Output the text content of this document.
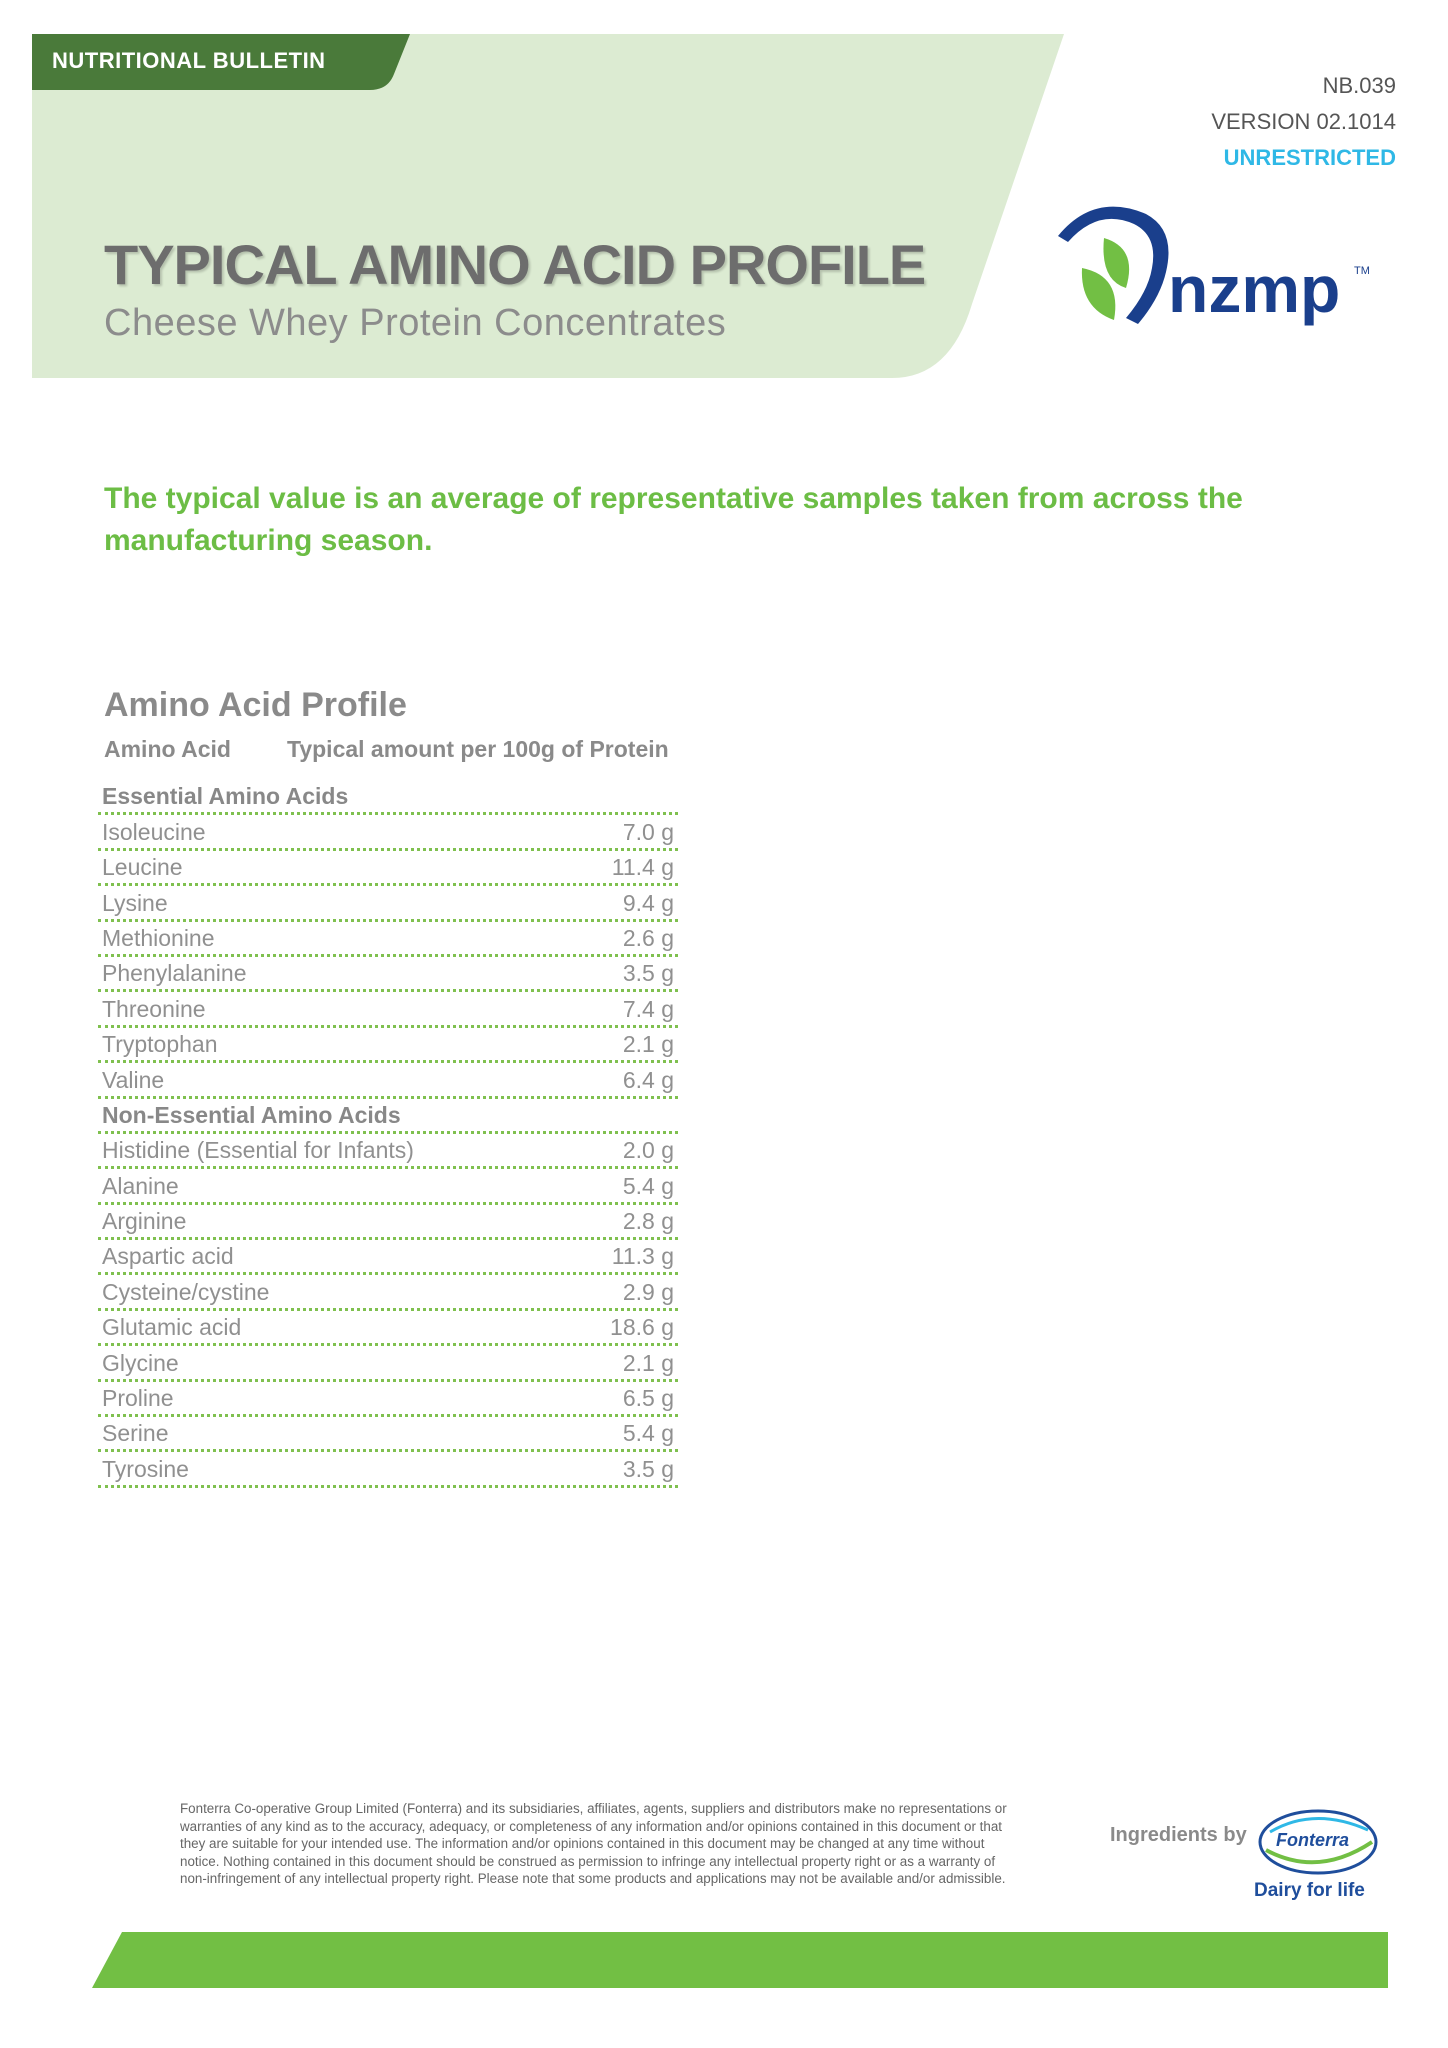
NUTRITIONAL BULLETIN
NB.039
VERSION 02.1014
UNRESTRICTED
TYPICAL AMINO ACID PROFILE
Cheese Whey Protein Concentrates	nzmp TM
The typical value is an average of representative samples taken from across the manufacturing season.
Amino Acid Profile
Amino Acid Typical amount per 100g of Protein
Essential Amino Acids
Isoleucine	7.0 g
Leucine	11.4 g
Lysine	9.4 g
Methionine	2.6 g
Phenylalanine	3.5 g
Threonine	7.4 g
Tryptophan	2.1 g
Valine	6.4 g
Non-Essential Amino Acids
Histidine (Essential for Infants)	2.0 g
Alanine	5.4 g
Arginine	2.8 g
Aspartic acid	11.3 g
Cysteine/cystine	2.9 g
Glutamic acid	18.6 g
Glycine	2.1 g
Proline	6.5 g
Serine	5.4 g
Tyrosine	3.5 g
Fonterra Co-operative Group Limited (Fonterra) and its subsidiaries, affiliates, agents, suppliers and distributors make no representations or warranties of any kind as to the accuracy, adequacy, or completeness of any information and/or opinions contained in this document or that they are suitable for your intended use. The information and/or opinions contained in this document may be changed at any time without notice. Nothing contained in this document should be construed as permission to infringe any intellectual property right or as a warranty of non-infringement of any intellectual property right. Please note that some products and applications may not be available and/or admissible.
Ingredients by Fonterra
Dairy for life
